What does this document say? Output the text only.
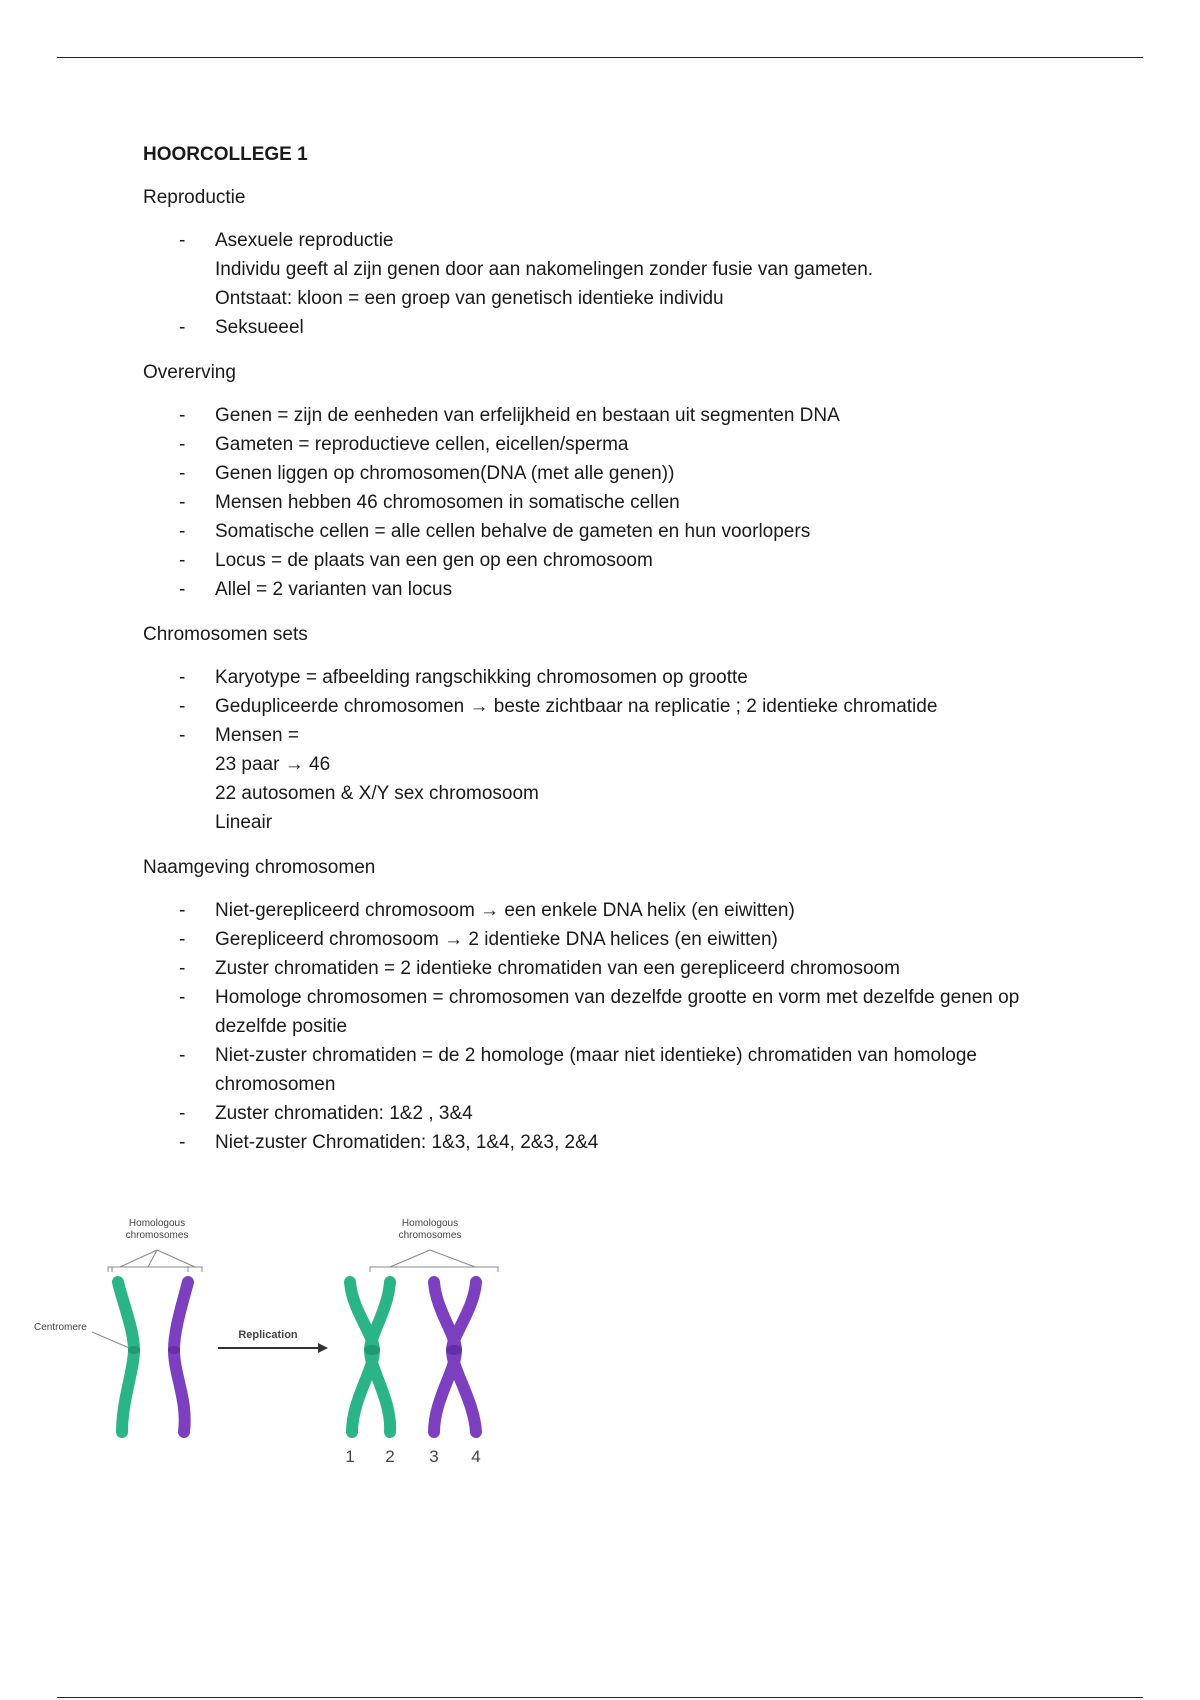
HOORCOLLEGE 1
Reproductie
- Asexuele reproductie
Individu geeft al zijn genen door aan nakomelingen zonder fusie van gameten.
Ontstaat: kloon = een groep van genetisch identieke individu
- Seksueeel
Overerving
- Genen = zijn de eenheden van erfelijkheid en bestaan uit segmenten DNA
- Gameten = reproductieve cellen, eicellen/sperma
- Genen liggen op chromosomen(DNA (met alle genen))
- Mensen hebben 46 chromosomen in somatische cellen
- Somatische cellen = alle cellen behalve de gameten en hun voorlopers
- Locus = de plaats van een gen op een chromosoom
- Allel = 2 varianten van locus
Chromosomen sets
- Karyotype = afbeelding rangschikking chromosomen op grootte
- Gedupliceerde chromosomen → beste zichtbaar na replicatie ; 2 identieke chromatide
- Mensen =
23 paar → 46
22 autosomen & X/Y sex chromosoom
Lineair
Naamgeving chromosomen
- Niet-gerepliceerd chromosoom → een enkele DNA helix (en eiwitten)
- Gerepliceerd chromosoom → 2 identieke DNA helices (en eiwitten)
- Zuster chromatiden = 2 identieke chromatiden van een gerepliceerd chromosoom
- Homologe chromosomen = chromosomen van dezelfde grootte en vorm met dezelfde genen op dezelfde positie
- Niet-zuster chromatiden = de 2 homologe (maar niet identieke) chromatiden van homologe chromosomen
- Zuster chromatiden: 1&2 , 3&4
- Niet-zuster Chromatiden: 1&3, 1&4, 2&3, 2&4
Homologous
chromosomes
Homologous
chromosomes
Centromere
Replication
1 2 3 4
